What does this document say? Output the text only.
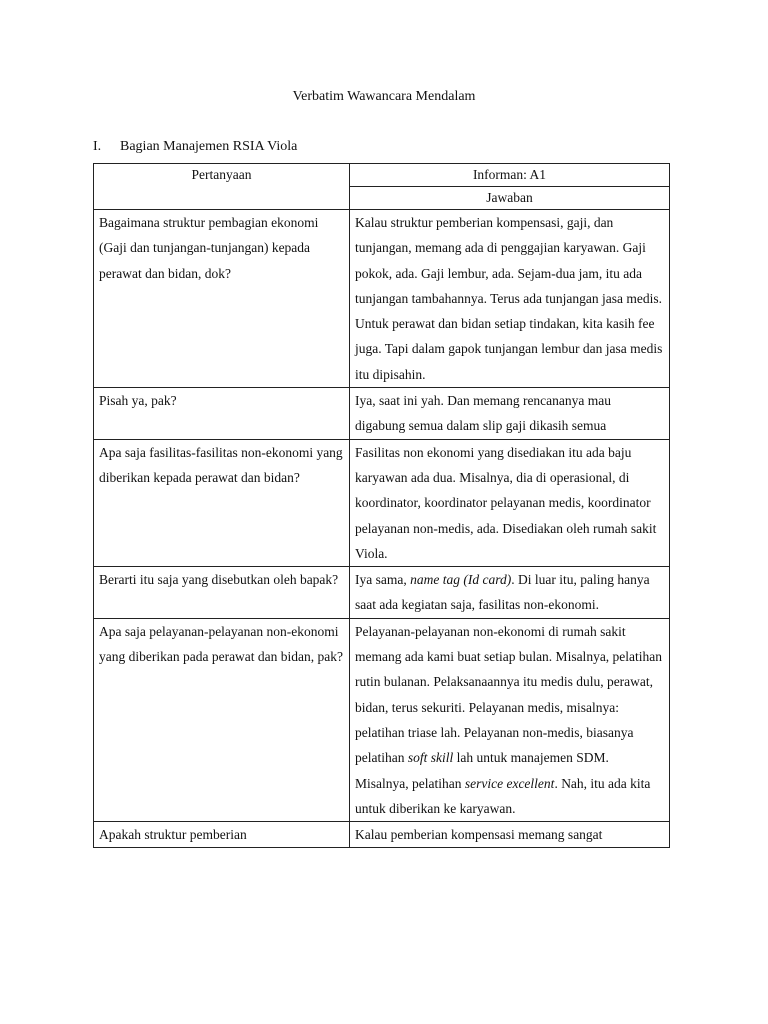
Verbatim Wawancara Mendalam
I. Bagian Manajemen RSIA Viola
Pertanyaan	Informan: A1
	Jawaban
Bagaimana struktur pembagian ekonomi (Gaji dan tunjangan-tunjangan) kepada perawat dan bidan, dok?	Kalau struktur pemberian kompensasi, gaji, dan tunjangan, memang ada di penggajian karyawan. Gaji pokok, ada. Gaji lembur, ada. Sejam-dua jam, itu ada tunjangan tambahannya. Terus ada tunjangan jasa medis. Untuk perawat dan bidan setiap tindakan, kita kasih fee juga. Tapi dalam gapok tunjangan lembur dan jasa medis itu dipisahin.
Pisah ya, pak?	Iya, saat ini yah. Dan memang rencananya mau digabung semua dalam slip gaji dikasih semua
Apa saja fasilitas-fasilitas non-ekonomi yang diberikan kepada perawat dan bidan?	Fasilitas non ekonomi yang disediakan itu ada baju karyawan ada dua. Misalnya, dia di operasional, di koordinator, koordinator pelayanan medis, koordinator pelayanan non-medis, ada. Disediakan oleh rumah sakit Viola.
Berarti itu saja yang disebutkan oleh bapak?	Iya sama, name tag (Id card). Di luar itu, paling hanya saat ada kegiatan saja, fasilitas non-ekonomi.
Apa saja pelayanan-pelayanan non-ekonomi yang diberikan pada perawat dan bidan, pak?	Pelayanan-pelayanan non-ekonomi di rumah sakit memang ada kami buat setiap bulan. Misalnya, pelatihan rutin bulanan. Pelaksanaannya itu medis dulu, perawat, bidan, terus sekuriti. Pelayanan medis, misalnya: pelatihan triase lah. Pelayanan non-medis, biasanya pelatihan soft skill lah untuk manajemen SDM. Misalnya, pelatihan service excellent. Nah, itu ada kita untuk diberikan ke karyawan.
Apakah struktur pemberian	Kalau pemberian kompensasi memang sangat
